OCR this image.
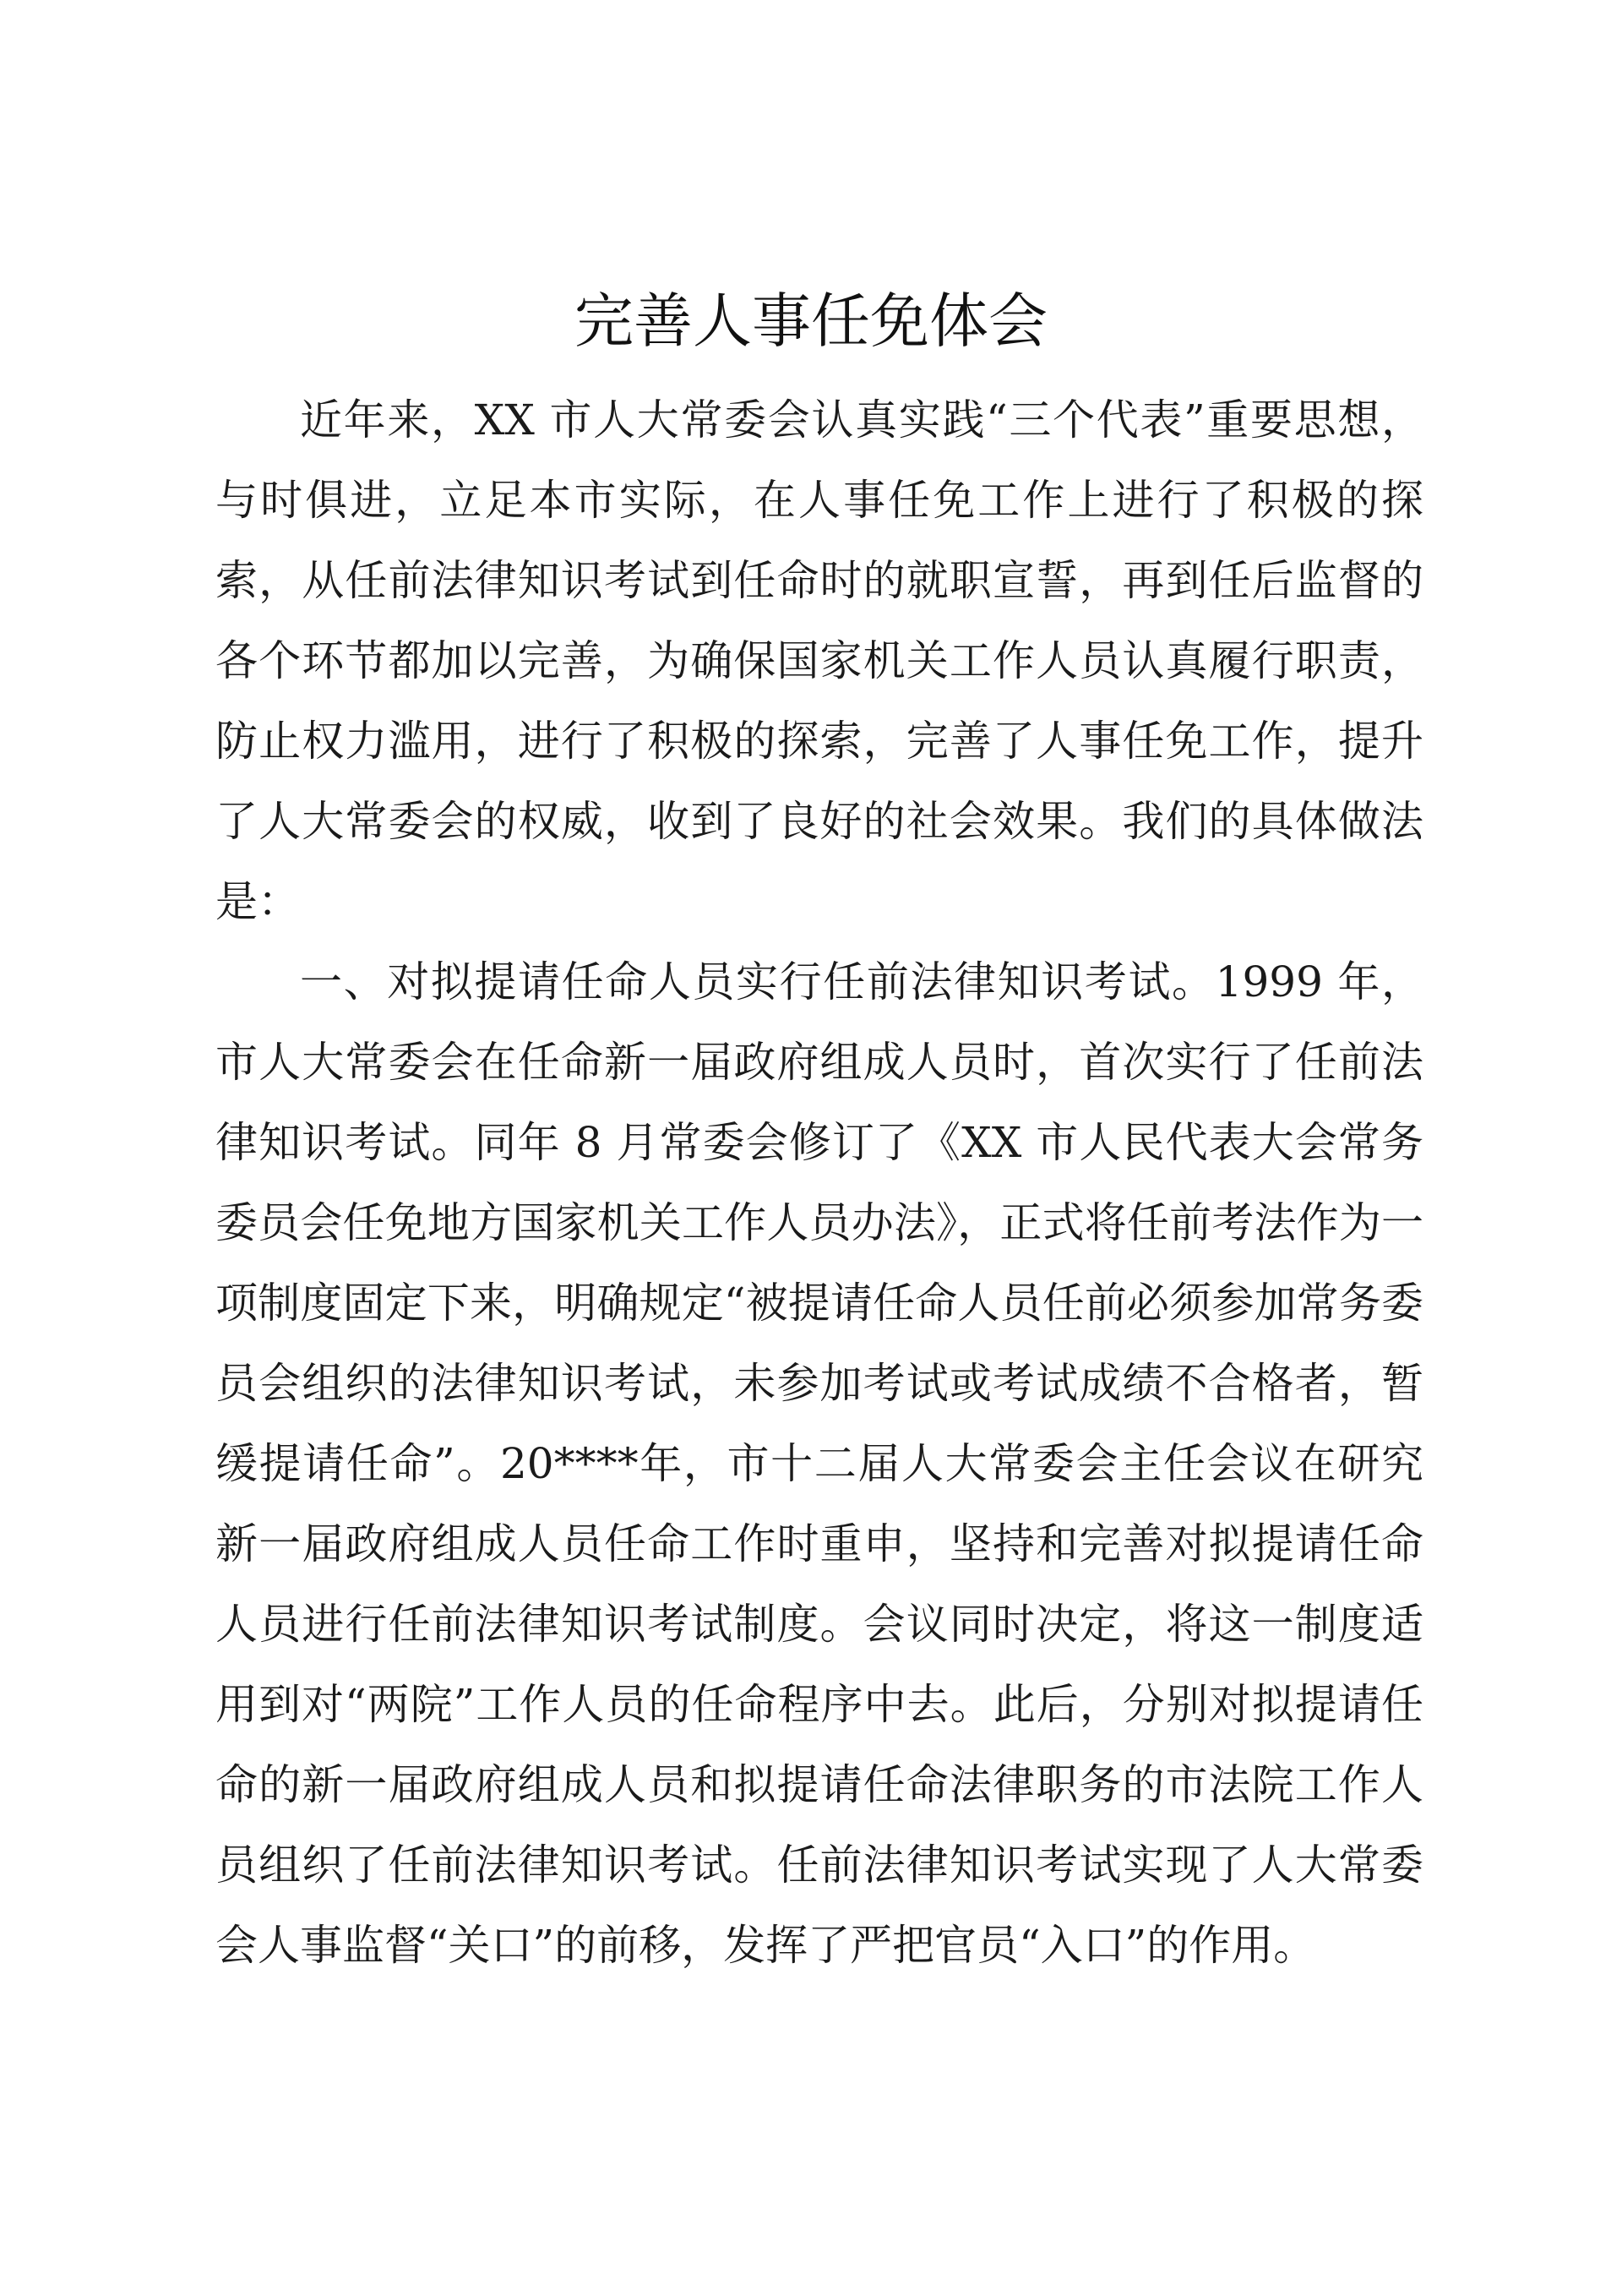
完善人事任免体会

近年来，XX 市人大常委会认真实践“三个代表”重要思想，与时俱进，立足本市实际，在人事任免工作上进行了积极的探索，从任前法律知识考试到任命时的就职宣誓，再到任后监督的各个环节都加以完善，为确保国家机关工作人员认真履行职责，防止权力滥用，进行了积极的探索，完善了人事任免工作，提升了人大常委会的权威，收到了良好的社会效果。我们的具体做法是：

一、对拟提请任命人员实行任前法律知识考试。1999 年，市人大常委会在任命新一届政府组成人员时，首次实行了任前法律知识考试。同年 8 月常委会修订了《XX 市人民代表大会常务委员会任免地方国家机关工作人员办法》，正式将任前考法作为一项制度固定下来，明确规定“被提请任命人员任前必须参加常务委员会组织的法律知识考试，未参加考试或考试成绩不合格者，暂缓提请任命”。20****年，市十二届人大常委会主任会议在研究新一届政府组成人员任命工作时重申，坚持和完善对拟提请任命人员进行任前法律知识考试制度。会议同时决定，将这一制度适用到对“两院”工作人员的任命程序中去。此后，分别对拟提请任命的新一届政府组成人员和拟提请任命法律职务的市法院工作人员组织了任前法律知识考试。任前法律知识考试实现了人大常委会人事监督“关口”的前移，发挥了严把官员“入口”的作用。
